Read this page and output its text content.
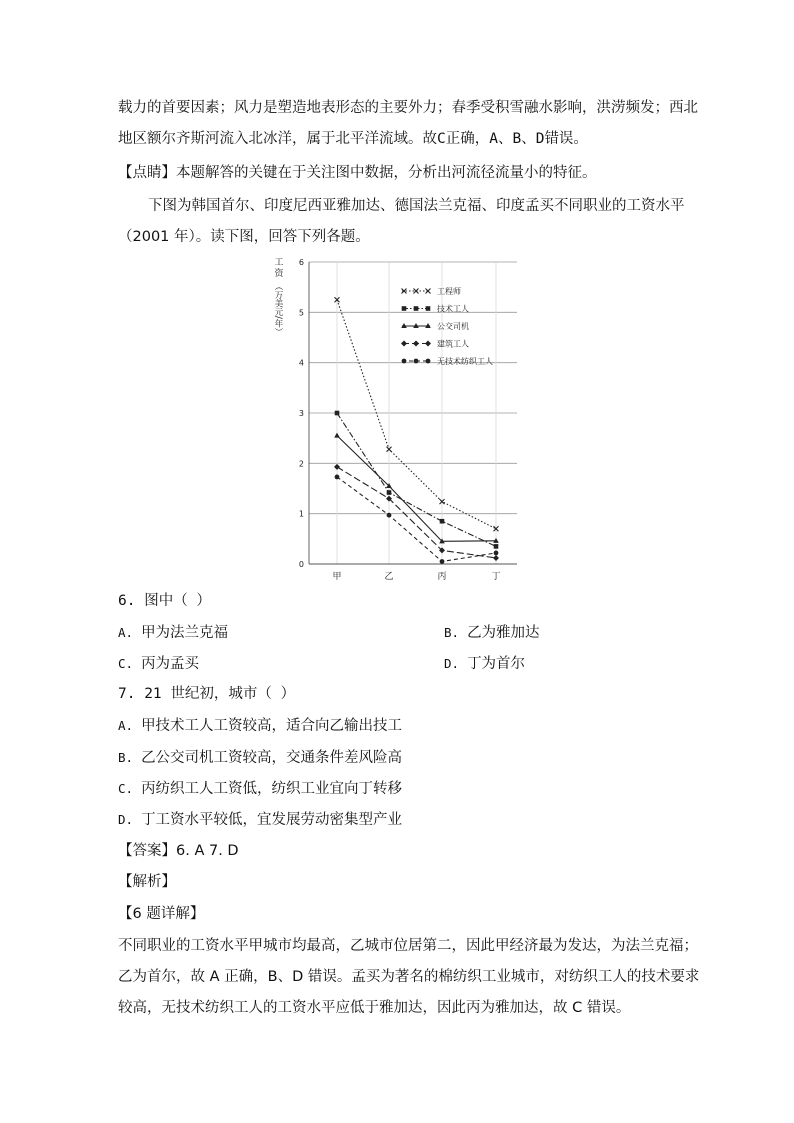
载力的首要因素；风力是塑造地表形态的主要外力；春季受积雪融水影响，洪涝频发；西北
地区额尔齐斯河流入北冰洋，属于北平洋流域。故C正确，A、B、D错误。
【点睛】本题解答的关键在于关注图中数据，分析出河流径流量小的特征。
下图为韩国首尔、印度尼西亚雅加达、德国法兰克福、印度孟买不同职业的工资水平
（2001 年）。读下图，回答下列各题。
工资
（万美元/年）
0
1
2
3
4
5
6
甲	乙	丙	丁
工程师
技术工人
公交司机
建筑工人
无技术纺织工人
6. 图中（ ）
A. 甲为法兰克福	B. 乙为雅加达
C. 丙为孟买	D. 丁为首尔
7. 21 世纪初，城市（ ）
A. 甲技术工人工资较高，适合向乙输出技工
B. 乙公交司机工资较高，交通条件差风险高
C. 丙纺织工人工资低，纺织工业宜向丁转移
D. 丁工资水平较低，宜发展劳动密集型产业
【答案】6. A 7. D
【解析】
【6 题详解】
不同职业的工资水平甲城市均最高，乙城市位居第二，因此甲经济最为发达，为法兰克福；
乙为首尔，故 A 正确，B、D 错误。孟买为著名的棉纺织工业城市，对纺织工人的技术要求
较高，无技术纺织工人的工资水平应低于雅加达，因此丙为雅加达，故 C 错误。
